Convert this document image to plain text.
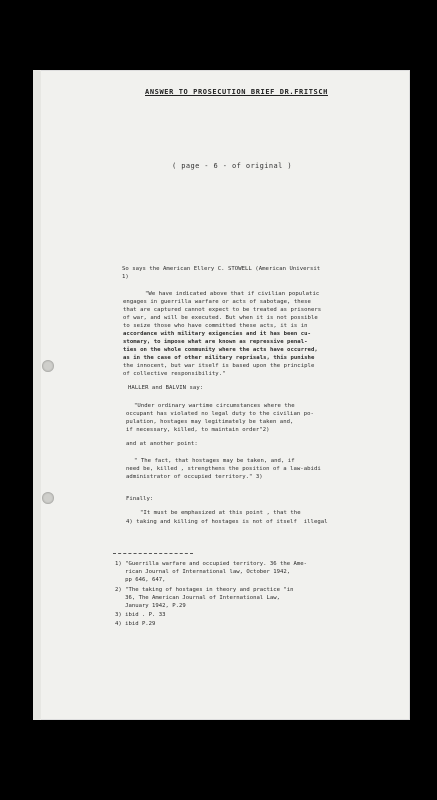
ANSWER TO PROSECUTION BRIEF DR.FRITSCH
( page - 6 - of original )
So says the American Ellery C. STOWELL (American Universit
1)
"We have indicated above that if civilian populatic
engages in guerrilla warfare or acts of sabotage, these
that are captured cannot expect to be treated as prisoners
of war, and will be executed. But when it is not possible
to seize those who have committed these acts, it is in
accordance with military exigencies and it has been cu-
stomary, to impose what are known as repressive penal-
ties on the whole community where the acts have occurred,
as in the case of other military reprisals, this punishe
the innocent, but war itself is based upon the principle
of collective responsibility."
HALLER and BALVIN say:
"Under ordinary wartime circumstances where the
occupant has violated no legal duty to the civilian po-
pulation, hostages may legitimately be taken and,
if necessary, killed, to maintain order"2)
and at another point:
" The fact, that hostages may be taken, and, if
need be, killed , strengthens the position of a law-abidi
administrator of occupied territory." 3)
Finally:
"It must be emphasized at this point , that the
4) taking and killing of hostages is not of itself  illegal
1) "Guerrilla warfare and occupied territory. 36 the Ame-
rican Journal of International law, October 1942,
pp 646, 647,
2) "The taking of hostages in theory and practice "in
36, The American Journal of International Law,
January 1942, P.29
3) ibid . P. 33
4) ibid P.29
